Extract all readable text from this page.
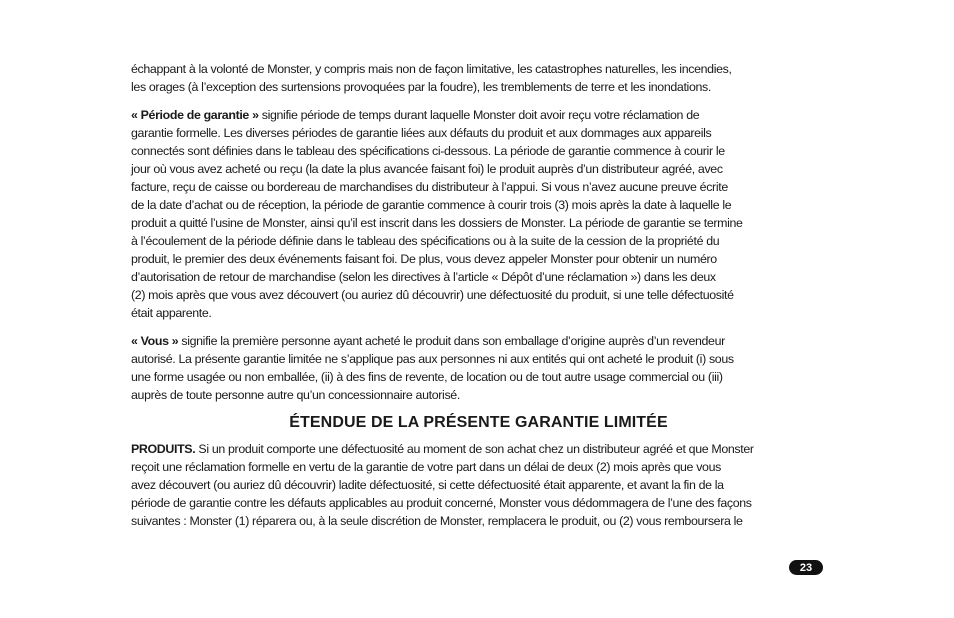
échappant à la volonté de Monster, y compris mais non de façon limitative, les catastrophes naturelles, les incendies,
les orages (à l’exception des surtensions provoquées par la foudre), les tremblements de terre et les inondations.

« Période de garantie » signifie période de temps durant laquelle Monster doit avoir reçu votre réclamation de
garantie formelle. Les diverses périodes de garantie liées aux défauts du produit et aux dommages aux appareils
connectés sont définies dans le tableau des spécifications ci-dessous. La période de garantie commence à courir le
jour où vous avez acheté ou reçu (la date la plus avancée faisant foi) le produit auprès d’un distributeur agréé, avec
facture, reçu de caisse ou bordereau de marchandises du distributeur à l’appui. Si vous n’avez aucune preuve écrite
de la date d’achat ou de réception, la période de garantie commence à courir trois (3) mois après la date à laquelle le
produit a quitté l’usine de Monster, ainsi qu’il est inscrit dans les dossiers de Monster. La période de garantie se termine
à l’écoulement de la période définie dans le tableau des spécifications ou à la suite de la cession de la propriété du
produit, le premier des deux événements faisant foi. De plus, vous devez appeler Monster pour obtenir un numéro
d’autorisation de retour de marchandise (selon les directives à l’article « Dépôt d’une réclamation ») dans les deux
(2) mois après que vous avez découvert (ou auriez dû découvrir) une défectuosité du produit, si une telle défectuosité
était apparente.

« Vous » signifie la première personne ayant acheté le produit dans son emballage d’origine auprès d’un revendeur
autorisé. La présente garantie limitée ne s’applique pas aux personnes ni aux entités qui ont acheté le produit (i) sous
une forme usagée ou non emballée, (ii) à des fins de revente, de location ou de tout autre usage commercial ou (iii)
auprès de toute personne autre qu’un concessionnaire autorisé.

ÉTENDUE DE LA PRÉSENTE GARANTIE LIMITÉE

PRODUITS. Si un produit comporte une défectuosité au moment de son achat chez un distributeur agréé et que Monster
reçoit une réclamation formelle en vertu de la garantie de votre part dans un délai de deux (2) mois après que vous
avez découvert (ou auriez dû découvrir) ladite défectuosité, si cette défectuosité était apparente, et avant la fin de la
période de garantie contre les défauts applicables au produit concerné, Monster vous dédommagera de l’une des façons
suivantes : Monster (1) réparera ou, à la seule discrétion de Monster, remplacera le produit, ou (2) vous remboursera le

23
